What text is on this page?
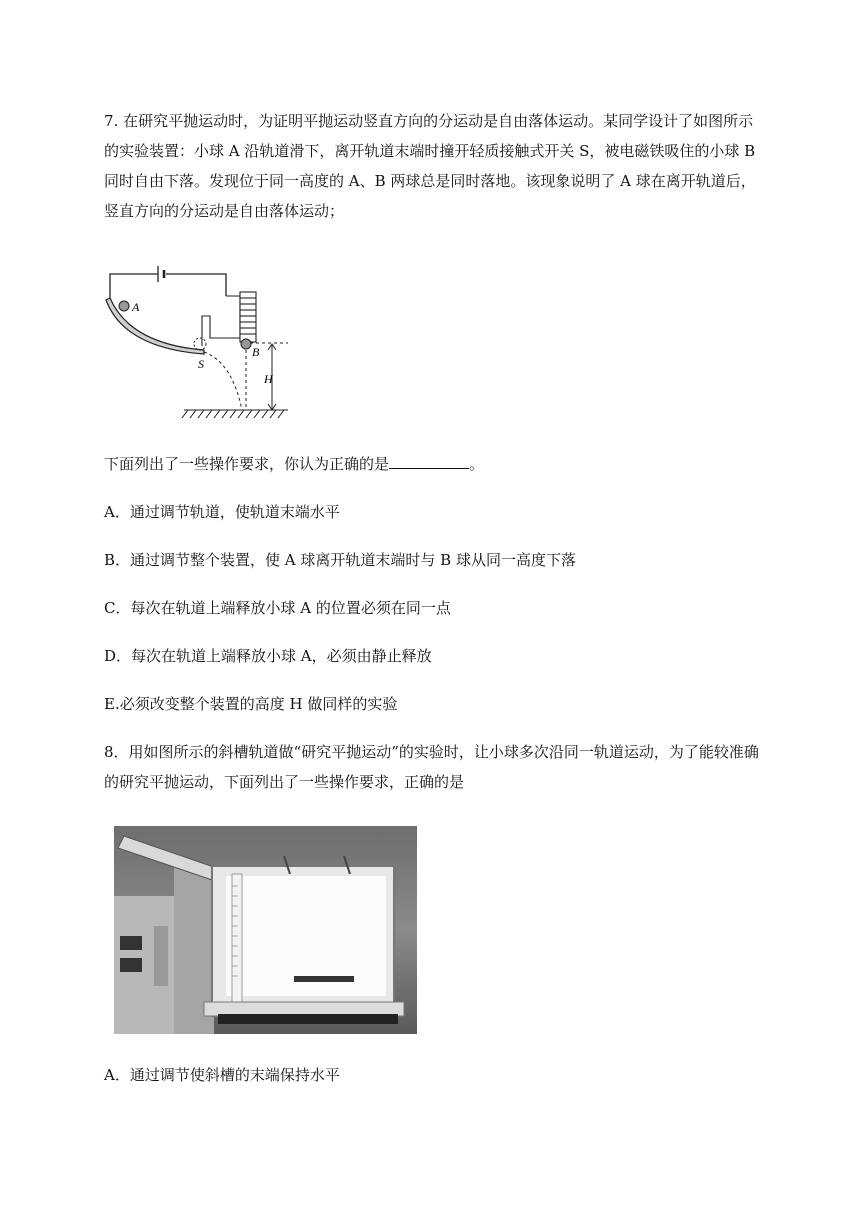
7. 在研究平抛运动时，为证明平抛运动竖直方向的分运动是自由落体运动。某同学设计了如图所示的实验装置：小球 A 沿轨道滑下，离开轨道末端时撞开轻质接触式开关 S，被电磁铁吸住的小球 B 同时自由下落。发现位于同一高度的 A、B 两球总是同时落地。该现象说明了 A 球在离开轨道后，竖直方向的分运动是自由落体运动；

A
S
B
H

下面列出了一些操作要求，你认为正确的是	。

A．通过调节轨道，使轨道末端水平

B．通过调节整个装置，使 A 球离开轨道末端时与 B 球从同一高度下落

C．每次在轨道上端释放小球 A 的位置必须在同一点

D．每次在轨道上端释放小球 A，必须由静止释放

E.必须改变整个装置的高度 H 做同样的实验

8．用如图所示的斜槽轨道做“研究平抛运动”的实验时，让小球多次沿同一轨道运动，为了能较准确的研究平抛运动，下面列出了一些操作要求，正确的是

A．通过调节使斜槽的末端保持水平
